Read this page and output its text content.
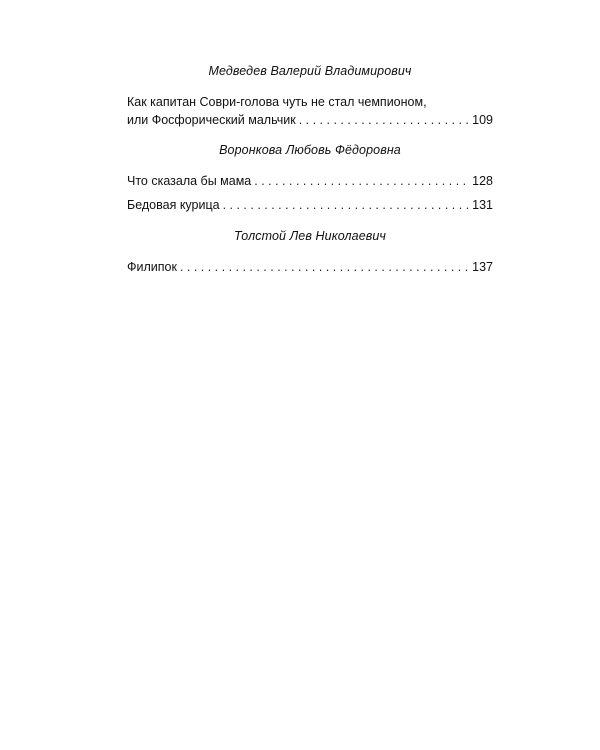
Медведев Валерий Владимирович

Как капитан Соври-голова чуть не стал чемпионом,
или Фосфорический мальчик . . .	109

Воронкова Любовь Фёдоровна

Что сказала бы мама . . .	128
Бедовая курица . . .	131

Толстой Лев Николаевич

Филипок . . .	137
